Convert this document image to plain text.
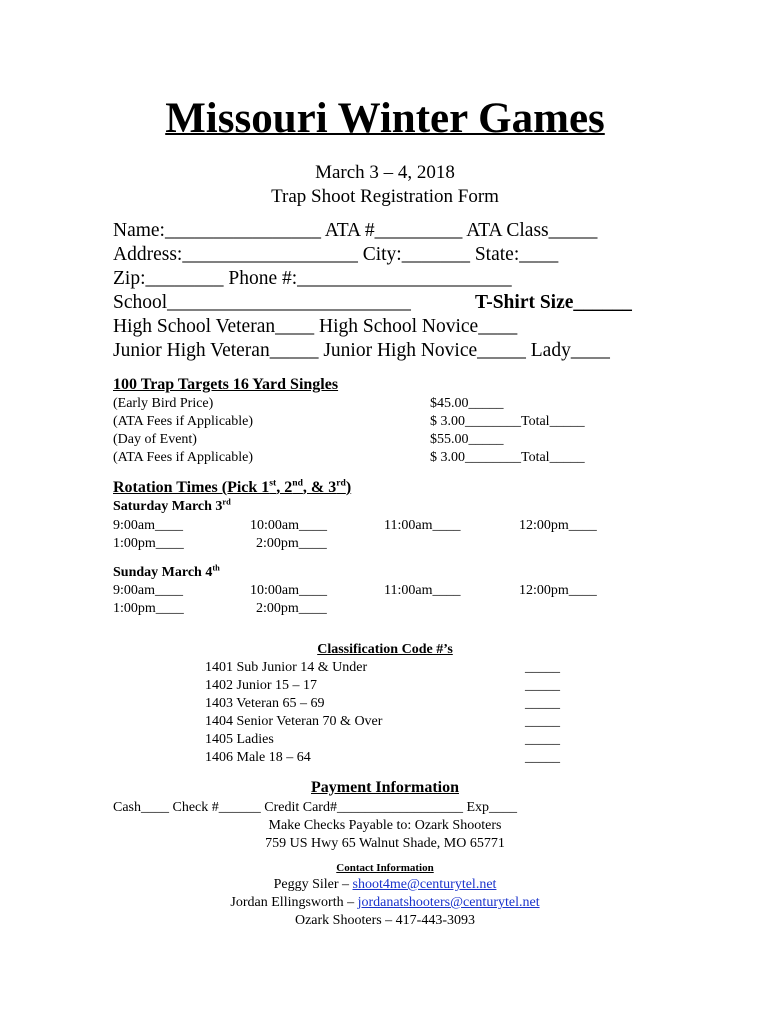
Missouri Winter Games
March 3 – 4, 2018
Trap Shoot Registration Form
Name:________________ ATA #_________ ATA Class_____
Address:__________________ City:_______ State:____
Zip:________ Phone #:______________________
School_________________________	T-Shirt Size______
High School Veteran____ High School Novice____
Junior High Veteran_____ Junior High Novice_____ Lady____
100 Trap Targets 16 Yard Singles
(Early Bird Price)	$45.00_____
(ATA Fees if Applicable)	$ 3.00________Total_____
(Day of Event)	$55.00_____
(ATA Fees if Applicable)	$ 3.00________Total_____
Rotation Times (Pick 1st, 2nd, & 3rd)
Saturday March 3rd
9:00am____	10:00am____	11:00am____	12:00pm____
1:00pm____	2:00pm____
Sunday March 4th
9:00am____	10:00am____	11:00am____	12:00pm____
1:00pm____	2:00pm____
Classification Code #’s
1401 Sub Junior 14 & Under	_____
1402 Junior 15 – 17	_____
1403 Veteran 65 – 69	_____
1404 Senior Veteran 70 & Over	_____
1405 Ladies	_____
1406 Male 18 – 64	_____
Payment Information
Cash____ Check #______ Credit Card#__________________ Exp____
Make Checks Payable to: Ozark Shooters
759 US Hwy 65 Walnut Shade, MO 65771
Contact Information
Peggy Siler – shoot4me@centurytel.net
Jordan Ellingsworth – jordanatshooters@centurytel.net
Ozark Shooters – 417-443-3093
